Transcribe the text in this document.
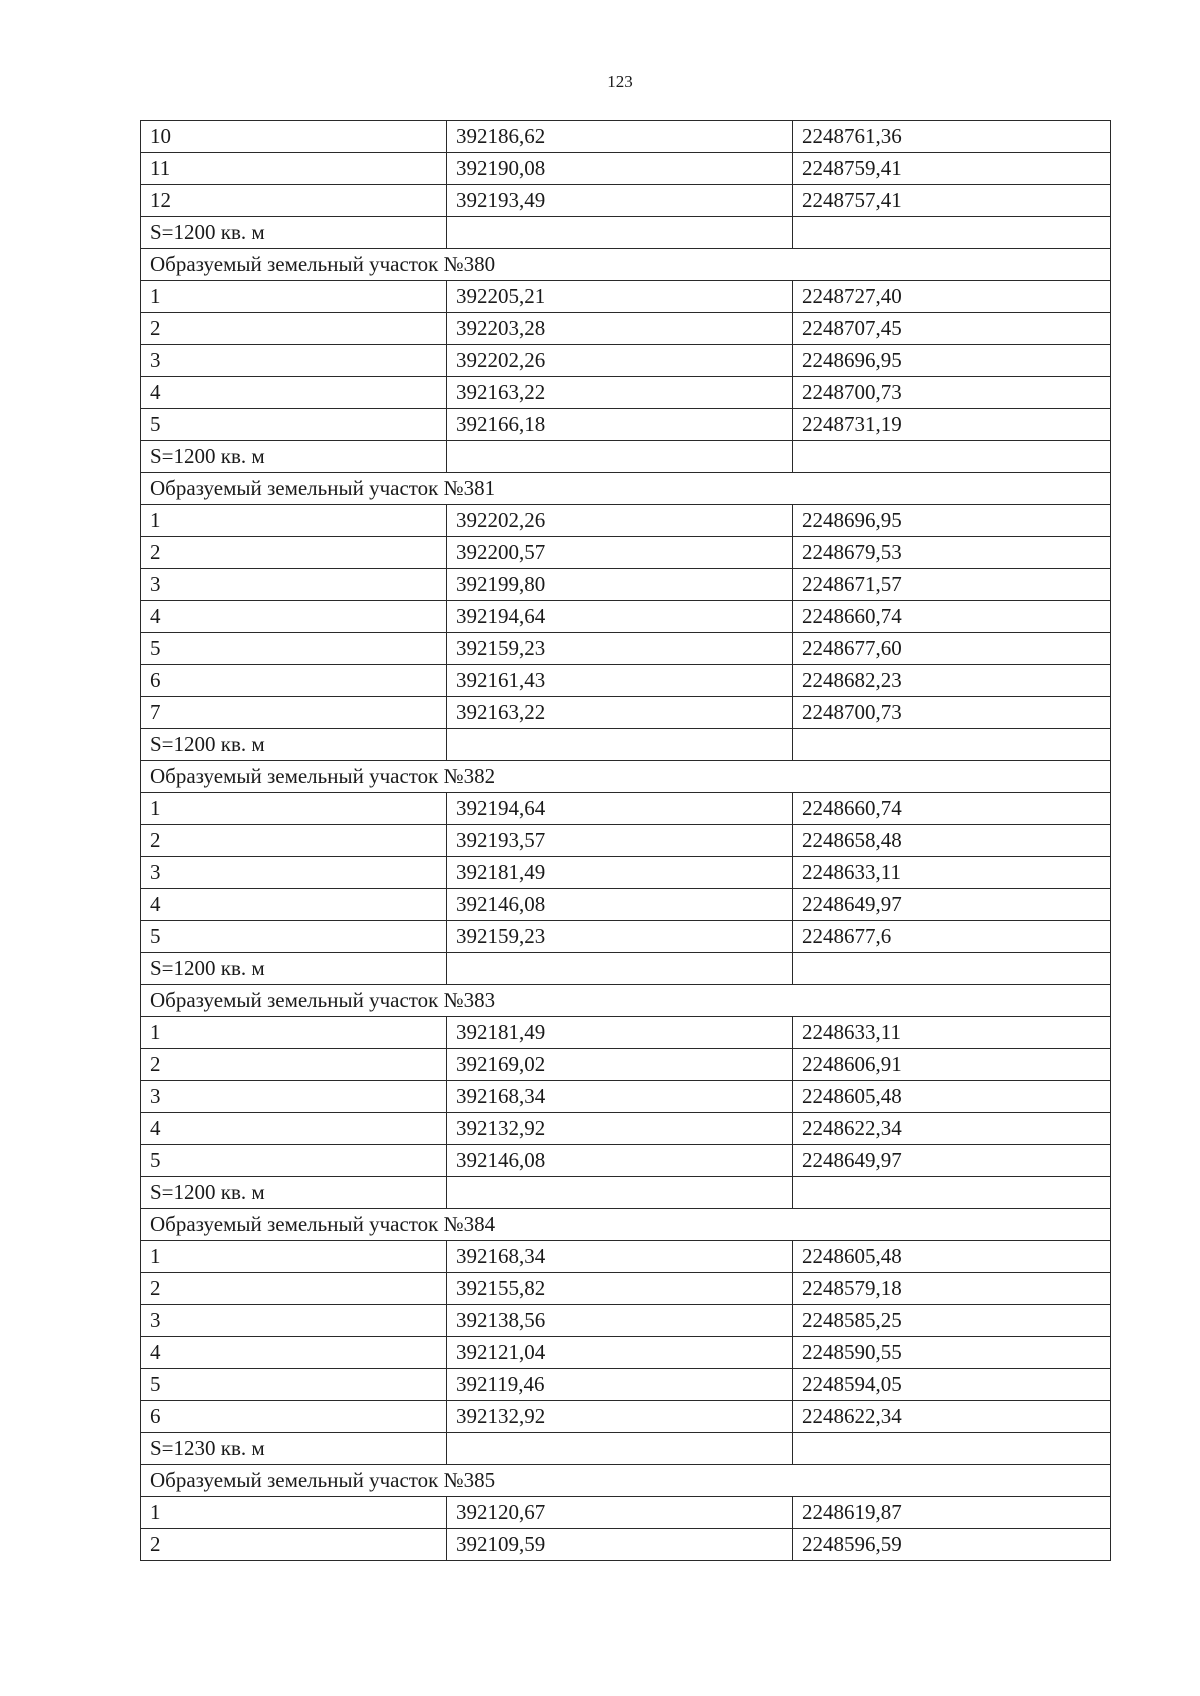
123
10	392186,62	2248761,36
11	392190,08	2248759,41
12	392193,49	2248757,41
S=1200 кв. м		
Образуемый земельный участок №380		
1	392205,21	2248727,40
2	392203,28	2248707,45
3	392202,26	2248696,95
4	392163,22	2248700,73
5	392166,18	2248731,19
S=1200 кв. м		
Образуемый земельный участок №381		
1	392202,26	2248696,95
2	392200,57	2248679,53
3	392199,80	2248671,57
4	392194,64	2248660,74
5	392159,23	2248677,60
6	392161,43	2248682,23
7	392163,22	2248700,73
S=1200 кв. м		
Образуемый земельный участок №382		
1	392194,64	2248660,74
2	392193,57	2248658,48
3	392181,49	2248633,11
4	392146,08	2248649,97
5	392159,23	2248677,6
S=1200 кв. м		
Образуемый земельный участок №383		
1	392181,49	2248633,11
2	392169,02	2248606,91
3	392168,34	2248605,48
4	392132,92	2248622,34
5	392146,08	2248649,97
S=1200 кв. м		
Образуемый земельный участок №384		
1	392168,34	2248605,48
2	392155,82	2248579,18
3	392138,56	2248585,25
4	392121,04	2248590,55
5	392119,46	2248594,05
6	392132,92	2248622,34
S=1230 кв. м		
Образуемый земельный участок №385		
1	392120,67	2248619,87
2	392109,59	2248596,59
